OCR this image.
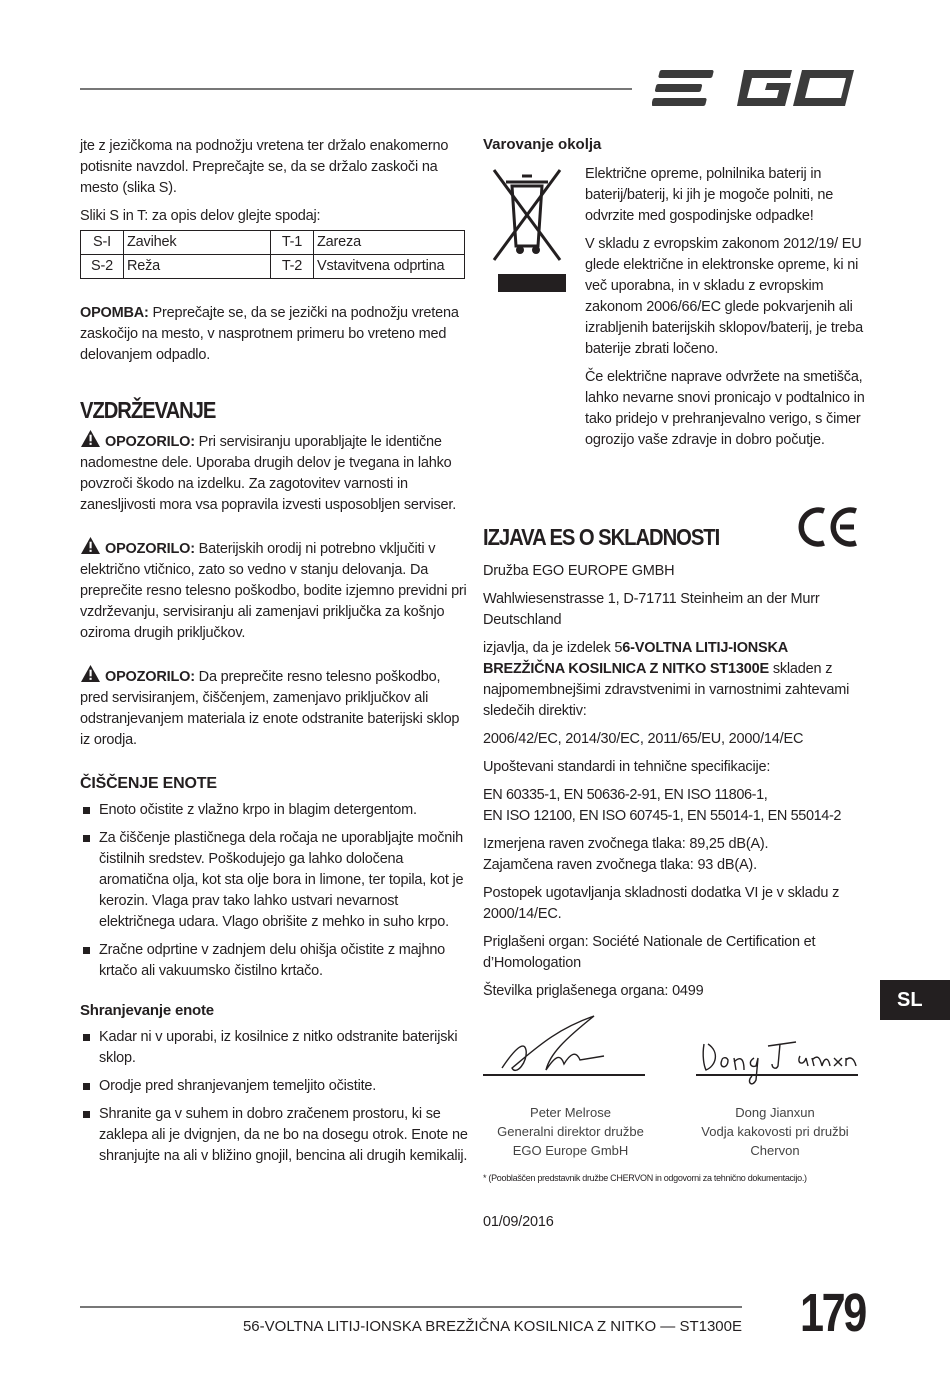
jte z jezičkoma na podnožju vretena ter držalo enakomerno potisnite navzdol. Preprečajte se, da se držalo zaskoči na mesto (slika S).

Sliki S in T: za opis delov glejte spodaj:

S-I	Zavihek	T-1	Zareza
S-2	Reža	T-2	Vstavitvena odprtina

OPOMBA: Preprečajte se, da se jezički na podnožju vretena zaskočijo na mesto, v nasprotnem primeru bo vreteno med delovanjem odpadlo.

VZDRŽEVANJE

OPOZORILO: Pri servisiranju uporabljajte le identične nadomestne dele. Uporaba drugih delov je tvegana in lahko povzroči škodo na izdelku. Za zagotovitev varnosti in zanesljivosti mora vsa popravila izvesti usposobljen serviser.

OPOZORILO: Baterijskih orodij ni potrebno vključiti v električno vtičnico, zato so vedno v stanju delovanja. Da preprečite resno telesno poškodbo, bodite izjemno previdni pri vzdrževanju, servisiranju ali zamenjavi priključka za košnjo oziroma drugih priključkov.

OPOZORILO: Da preprečite resno telesno poškodbo, pred servisiranjem, čiščenjem, zamenjavo priključkov ali odstranjevanjem materiala iz enote odstranite baterijski sklop iz orodja.

ČIŠČENJE ENOTE
Enoto očistite z vlažno krpo in blagim detergentom.
Za čiščenje plastičnega dela ročaja ne uporabljajte močnih čistilnih sredstev. Poškodujejo ga lahko določena aromatična olja, kot sta olje bora in limone, ter topila, kot je kerozin. Vlaga prav tako lahko ustvari nevarnost električnega udara. Vlago obrišite z mehko in suho krpo.
Zračne odprtine v zadnjem delu ohišja očistite z majhno krtačo ali vakuumsko čistilno krtačo.
Shranjevanje enote
Kadar ni v uporabi, iz kosilnice z nitko odstranite baterijski sklop.
Orodje pred shranjevanjem temeljito očistite.
Shranite ga v suhem in dobro zračenem prostoru, ki se zaklepa ali je dvignjen, da ne bo na dosegu otrok. Enote ne shranjujte na ali v bližino gnojil, bencina ali drugih kemikalij.
Varovanje okolja

Električne opreme, polnilnika baterij in baterij/baterij, ki jih je mogoče polniti, ne odvrzite med gospodinjske odpadke!

V skladu z evropskim zakonom 2012/19/ EU glede električne in elektronske opreme, ki ni več uporabna, in v skladu z evropskim zakonom 2006/66/EC glede pokvarjenih ali izrabljenih baterijskih sklopov/baterij, je treba baterije zbrati ločeno.

Če električne naprave odvržete na smetišča, lahko nevarne snovi pronicajo v podtalnico in tako pridejo v prehranjevalno verigo, s čimer ogrozijo vaše zdravje in dobro počutje.

IZJAVA ES O SKLADNOSTI

Družba EGO EUROPE GMBH

Wahlwiesenstrasse 1, D-71711 Steinheim an der Murr Deutschland

izjavlja, da je izdelek 56-VOLTNA LITIJ-IONSKA BREZŽIČNA KOSILNICA Z NITKO ST1300E skladen z najpomembnejšimi zdravstvenimi in varnostnimi zahtevami sledečih direktiv:

2006/42/EC, 2014/30/EC, 2011/65/EU, 2000/14/EC

Upoštevani standardi in tehnične specifikacije:

EN 60335-1, EN 50636-2-91, EN ISO 11806-1,

EN ISO 12100, EN ISO 60745-1, EN 55014-1, EN 55014-2

Izmerjena raven zvočnega tlaka: 89,25 dB(A).

Zajamčena raven zvočnega tlaka: 93 dB(A).

Postopek ugotavljanja skladnosti dodatka VI je v skladu z 2000/14/EC.

Priglašeni organ: Société Nationale de Certification et d’Homologation

Številka priglašenega organa: 0499

Peter Melrose
Generalni direktor družbe
EGO Europe GmbH
Dong Jianxun
Vodja kakovosti pri družbi
Chervon
* (Pooblaščen predstavnik družbe CHERVON in odgovorni za tehnično dokumentacijo.)
01/09/2016
SL
56-VOLTNA LITIJ-IONSKA BREZŽIČNA KOSILNICA Z NITKO — ST1300E 179
